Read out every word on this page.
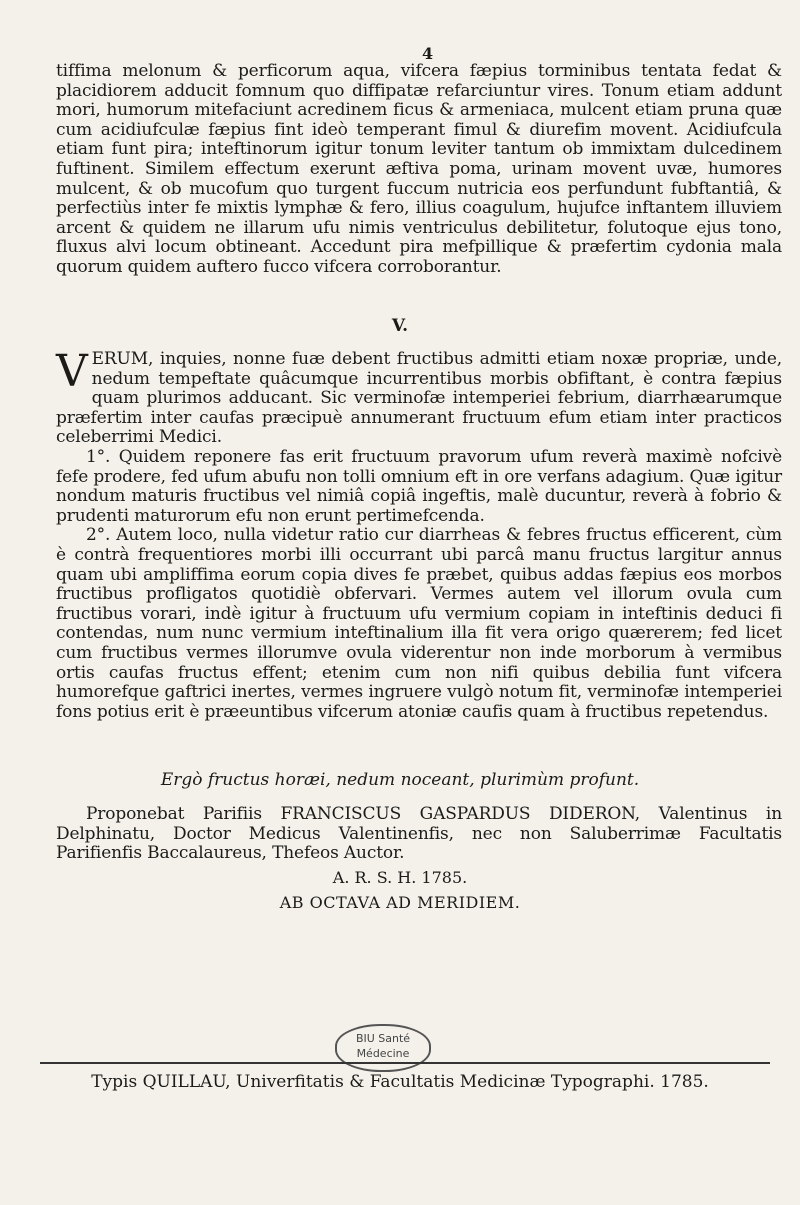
4
tiffima melonum & perficorum aqua, vifcera fæpius torminibus tentata fedat & placidiorem adducit fomnum quo diffipatæ refarciuntur vires. Tonum etiam addunt mori, humorum mitefaciunt acredinem ficus & armeniaca, mulcent etiam pruna quæ cum acidiufculæ fæpius fint ideò temperant fimul & diurefim movent. Acidiufcula etiam funt pira; inteftinorum igitur tonum leviter tantum ob immixtam dulcedinem fuftinent. Similem effectum exerunt æftiva poma, urinam movent uvæ, humores mulcent, & ob mucofum quo turgent fuccum nutricia eos perfundunt fubftantiâ, & perfectiùs inter fe mixtis lymphæ & fero, illius coagulum, hujufce inftantem illuviem arcent & quidem ne illarum ufu nimis ventriculus debilitetur, folutoque ejus tono, fluxus alvi locum obtineant. Accedunt pira mefpillique & præfertim cydonia mala quorum quidem auftero fucco vifcera corroborantur.
V.
V ERUM, inquies, nonne fuæ debent fructibus admitti etiam noxæ propriæ, unde, nedum tempeftate quâcumque incurrentibus morbis obfiftant, è contra fæpius quam plurimos adducant. Sic verminofæ intemperiei febrium, diarrhæarumque præfertim inter caufas præcipuè annumerant fructuum efum etiam inter practicos celeberrimi Medici.
1°. Quidem reponere fas erit fructuum pravorum ufum reverà maximè nofcivè fefe prodere, fed ufum abufu non tolli omnium eft in ore verfans adagium. Quæ igitur nondum maturis fructibus vel nimiâ copiâ ingeftis, malè ducuntur, reverà à fobrio & prudenti maturorum efu non erunt pertimefcenda.
2°. Autem loco, nulla videtur ratio cur diarrheas & febres fructus efficerent, cùm è contrà frequentiores morbi illi occurrant ubi parcâ manu fructus largitur annus quam ubi ampliffima eorum copia dives fe præbet, quibus addas fæpius eos morbos fructibus profligatos quotidiè obfervari. Vermes autem vel illorum ovula cum fructibus vorari, indè igitur à fructuum ufu vermium copiam in inteftinis deduci fi contendas, num nunc vermium inteftinalium illa fit vera origo quærerem; fed licet cum fructibus vermes illorumve ovula viderentur non inde morborum à vermibus ortis caufas fructus effent; etenim cum non nifi quibus debilia funt vifcera humorefque gaftrici inertes, vermes ingruere vulgò notum fit, verminofæ intemperiei fons potius erit è præeuntibus vifcerum atoniæ caufis quam à fructibus repetendus.
Ergò fructus horæi, nedum noceant, plurimùm profunt.
Proponebat Parifiis FRANCISCUS GASPARDUS DIDERON, Valentinus in Delphinatu, Doctor Medicus Valentinenfis, nec non Saluberrimæ Facultatis Parifienfis Baccalaureus, Thefeos Auctor.
A. R. S. H. 1785.
AB OCTAVA AD MERIDIEM.
BIU Santé Médecine
Typis QUILLAU, Univerfitatis & Facultatis Medicinæ Typographi. 1785.
